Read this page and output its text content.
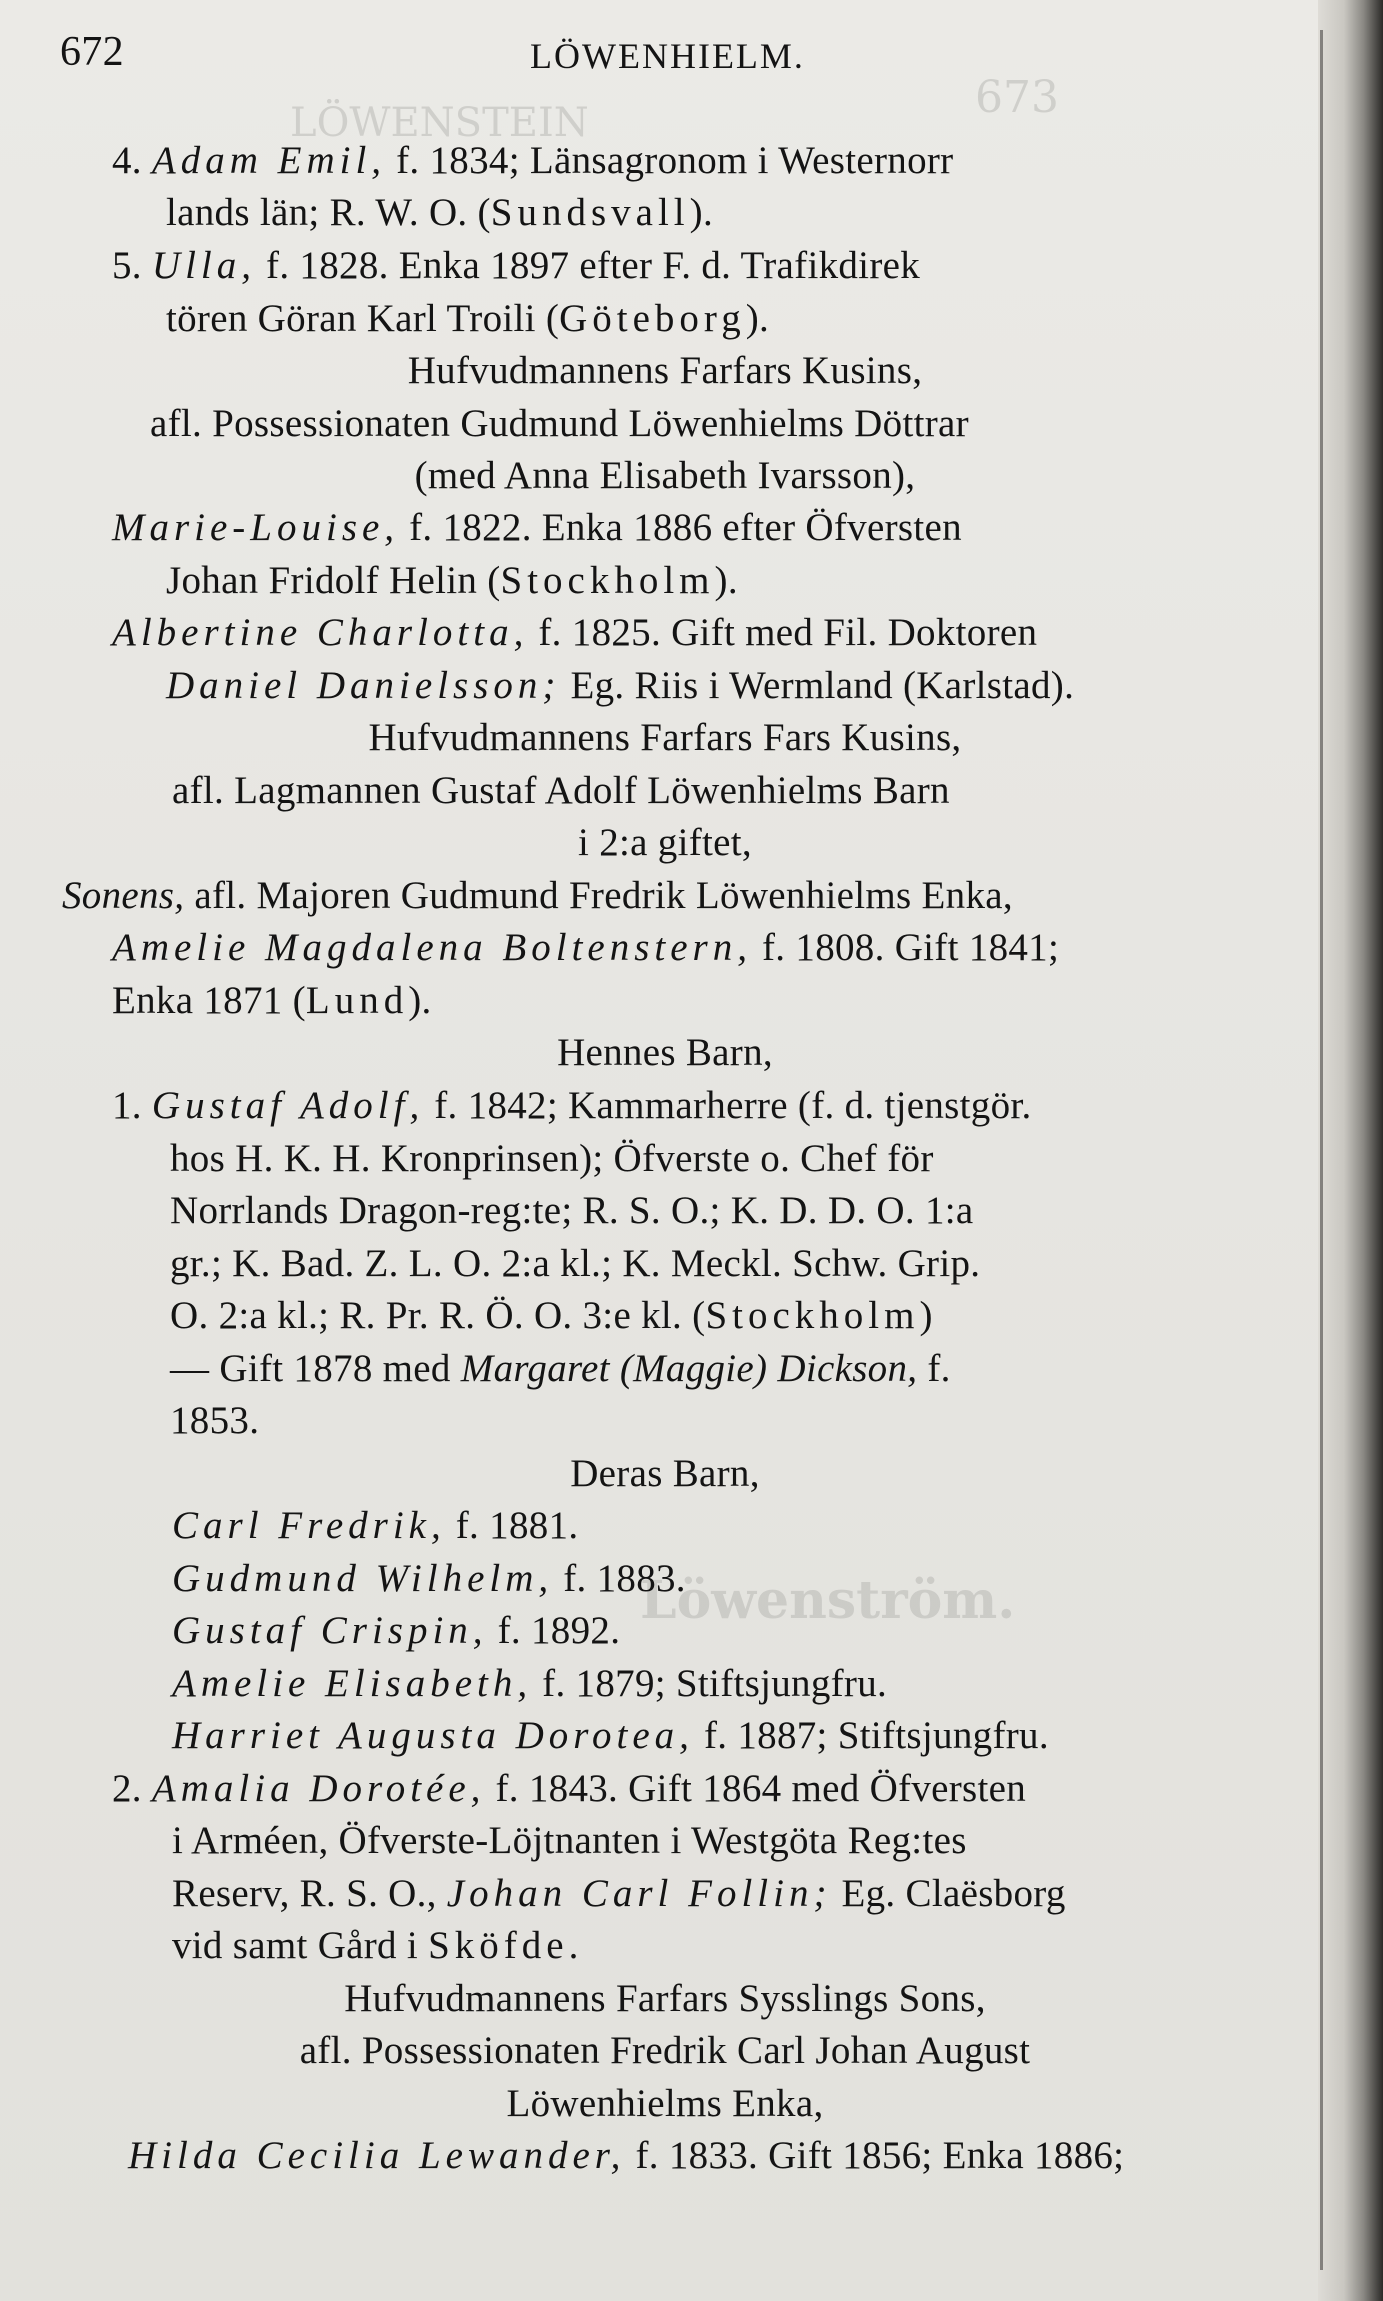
673
LÖWENSTEIN
Löwenström.
672	LÖWENHIELM.
4. Adam Emil, f. 1834; Länsagronom i Westernorr
lands län; R. W. O. (Sundsvall).
5. Ulla, f. 1828. Enka 1897 efter F. d. Trafikdirek
tören Göran Karl Troili (Göteborg).
Hufvudmannens Farfars Kusins,
afl. Possessionaten Gudmund Löwenhielms Döttrar
(med Anna Elisabeth Ivarsson),
Marie-Louise, f. 1822. Enka 1886 efter Öfversten
Johan Fridolf Helin (Stockholm).
Albertine Charlotta, f. 1825. Gift med Fil. Doktoren
Daniel Danielsson; Eg. Riis i Wermland (Karlstad).
Hufvudmannens Farfars Fars Kusins,
afl. Lagmannen Gustaf Adolf Löwenhielms Barn
i 2:a giftet,
Sonens, afl. Majoren Gudmund Fredrik Löwenhielms Enka,
Amelie Magdalena Boltenstern, f. 1808. Gift 1841;
Enka 1871 (Lund).
Hennes Barn,
1. Gustaf Adolf, f. 1842; Kammarherre (f. d. tjenstgör.
hos H. K. H. Kronprinsen); Öfverste o. Chef för
Norrlands Dragon-reg:te; R. S. O.; K. D. D. O. 1:a
gr.; K. Bad. Z. L. O. 2:a kl.; K. Meckl. Schw. Grip.
O. 2:a kl.; R. Pr. R. Ö. O. 3:e kl. (Stockholm)
— Gift 1878 med Margaret (Maggie) Dickson, f.
1853.
Deras Barn,
Carl Fredrik, f. 1881.
Gudmund Wilhelm, f. 1883.
Gustaf Crispin, f. 1892.
Amelie Elisabeth, f. 1879; Stiftsjungfru.
Harriet Augusta Dorotea, f. 1887; Stiftsjungfru.
2. Amalia Dorotée, f. 1843. Gift 1864 med Öfversten
i Arméen, Öfverste-Löjtnanten i Westgöta Reg:tes
Reserv, R. S. O., Johan Carl Follin; Eg. Claësborg
vid samt Gård i Sköfde.
Hufvudmannens Farfars Sysslings Sons,
afl. Possessionaten Fredrik Carl Johan August
Löwenhielms Enka,
Hilda Cecilia Lewander, f. 1833. Gift 1856; Enka 1886;
